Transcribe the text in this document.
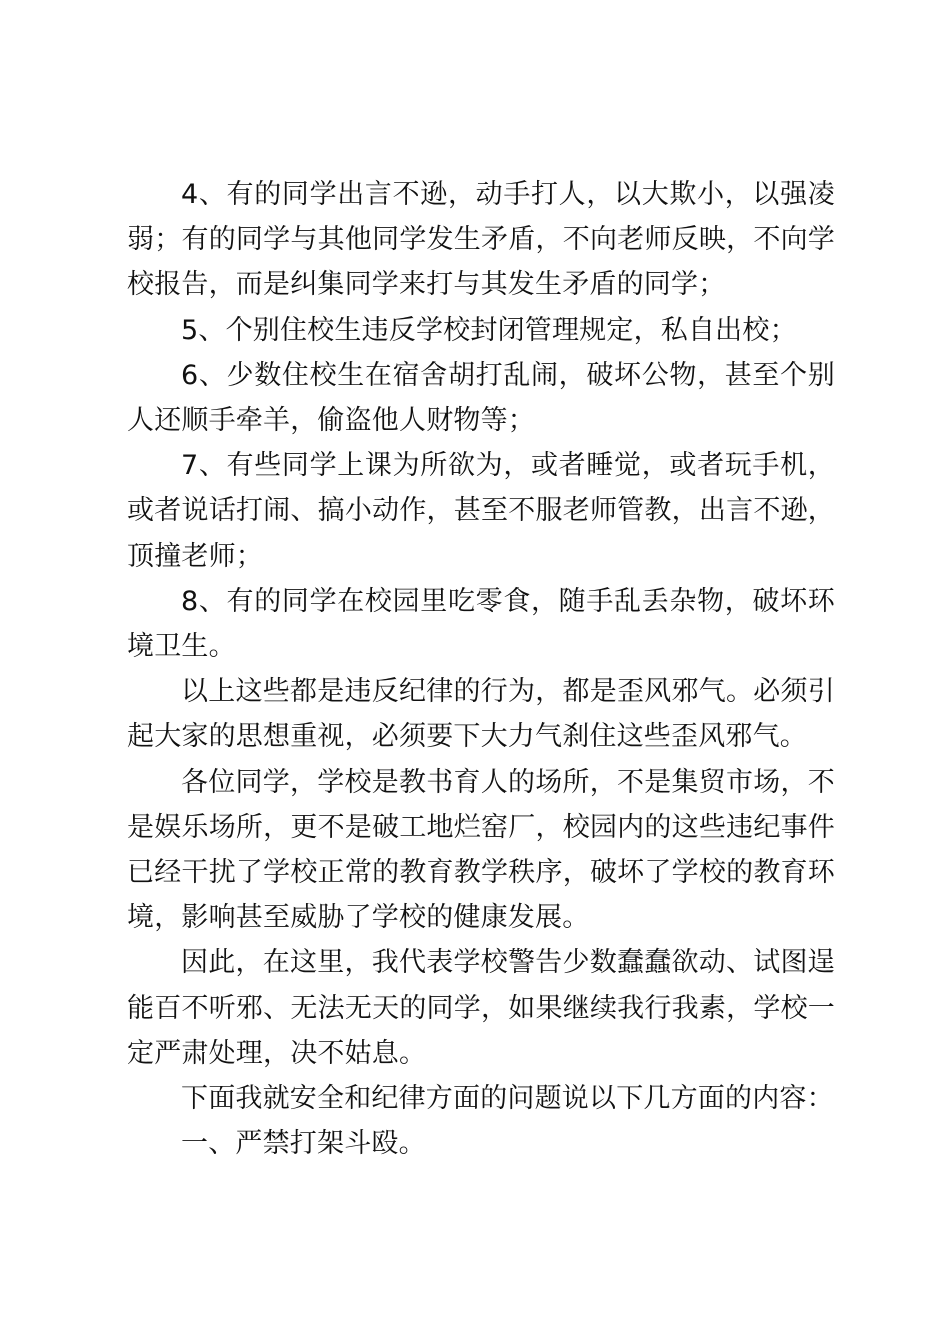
4、有的同学出言不逊，动手打人，以大欺小，以强凌弱；有的同学与其他同学发生矛盾，不向老师反映，不向学校报告，而是纠集同学来打与其发生矛盾的同学；

5、个别住校生违反学校封闭管理规定，私自出校；

6、少数住校生在宿舍胡打乱闹，破坏公物，甚至个别人还顺手牵羊，偷盗他人财物等；

7、有些同学上课为所欲为，或者睡觉，或者玩手机，或者说话打闹、搞小动作，甚至不服老师管教，出言不逊，顶撞老师；

8、有的同学在校园里吃零食，随手乱丢杂物，破坏环境卫生。

以上这些都是违反纪律的行为，都是歪风邪气。必须引起大家的思想重视，必须要下大力气刹住这些歪风邪气。

各位同学，学校是教书育人的场所，不是集贸市场，不是娱乐场所，更不是破工地烂窑厂，校园内的这些违纪事件已经干扰了学校正常的教育教学秩序，破坏了学校的教育环境，影响甚至威胁了学校的健康发展。

因此，在这里，我代表学校警告少数蠢蠢欲动、试图逞能百不听邪、无法无天的同学，如果继续我行我素，学校一定严肃处理，决不姑息。

下面我就安全和纪律方面的问题说以下几方面的内容：

一、严禁打架斗殴。
